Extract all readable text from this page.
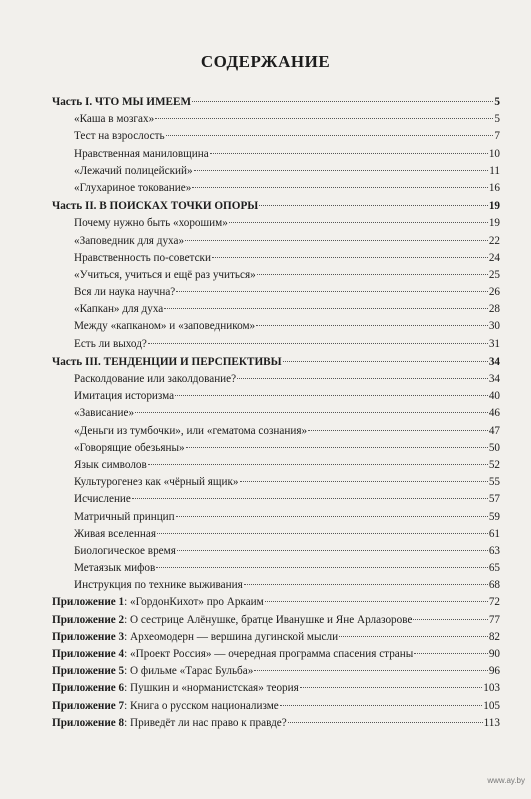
СОДЕРЖАНИЕ
Часть I. ЧТО МЫ ИМЕЕМ	5
«Каша в мозгах»	5
Тест на взрослость	7
Нравственная маниловщина	10
«Лежачий полицейский»	11
«Глухариное токование»	16
Часть II. В ПОИСКАХ ТОЧКИ ОПОРЫ	19
Почему нужно быть «хорошим»	19
«Заповедник для духа»	22
Нравственность по-советски	24
«Учиться, учиться и ещё раз учиться»	25
Вся ли наука научна?	26
«Капкан» для духа	28
Между «капканом» и «заповедником»	30
Есть ли выход?	31
Часть III. ТЕНДЕНЦИИ И ПЕРСПЕКТИВЫ	34
Расколдование или заколдование?	34
Имитация историзма	40
«Зависание»	46
«Деньги из тумбочки», или «гематома сознания»	47
«Говорящие обезьяны»	50
Язык символов	52
Культурогенез как «чёрный ящик»	55
Исчисление	57
Матричный принцип	59
Живая вселенная	61
Биологическое время	63
Метаязык мифов	65
Инструкция по технике выживания	68
Приложение 1: «ГордонКихот» про Аркаим	72
Приложение 2: О сестрице Алёнушке, братце Иванушке и Яне Арлазорове	77
Приложение 3: Археомодерн — вершина дугинской мысли	82
Приложение 4: «Проект Россия» — очередная программа спасения страны	90
Приложение 5: О фильме «Тарас Бульба»	96
Приложение 6: Пушкин и «норманистская» теория	103
Приложение 7: Книга о русском национализме	105
Приложение 8: Приведёт ли нас право к правде?	113
www.ay.by
